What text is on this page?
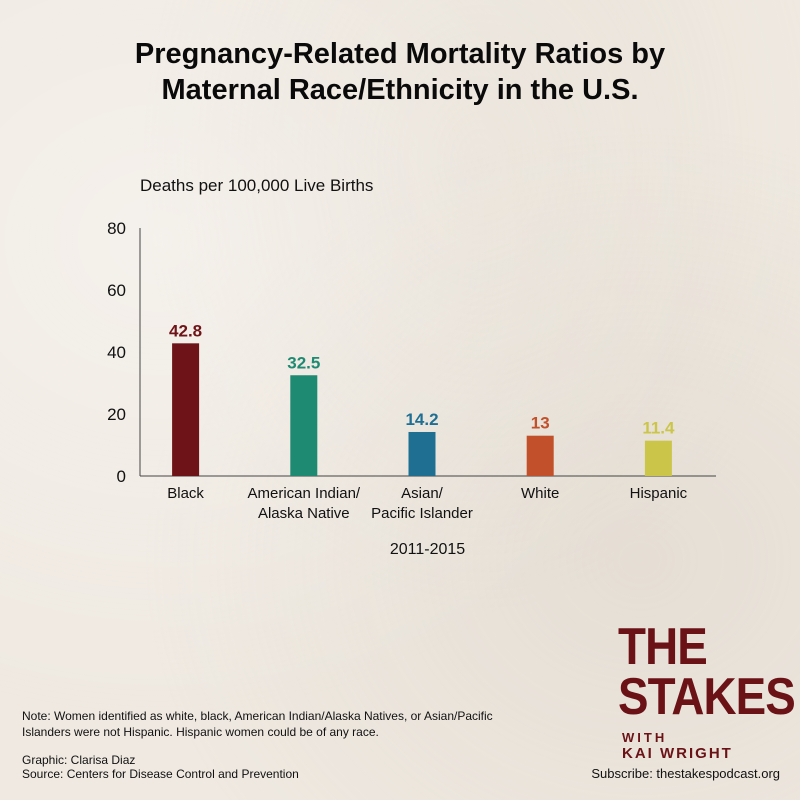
Pregnancy-Related Mortality Ratios by
Maternal Race/Ethnicity in the U.S.
Deaths per 100,000 Live Births
0
20
40
60
80
42.8
Black
32.5
American Indian/
Alaska Native
14.2
Asian/
Pacific Islander
13
White
11.4
Hispanic
2011-2015
Note: Women identified as white, black, American Indian/Alaska Natives, or Asian/Pacific Islanders were not Hispanic. Hispanic women could be of any race.
Graphic: Clarisa Diaz
Source: Centers for Disease Control and Prevention
THE
STAKES
WITH
KAI WRIGHT
Subscribe: thestakespodcast.org
